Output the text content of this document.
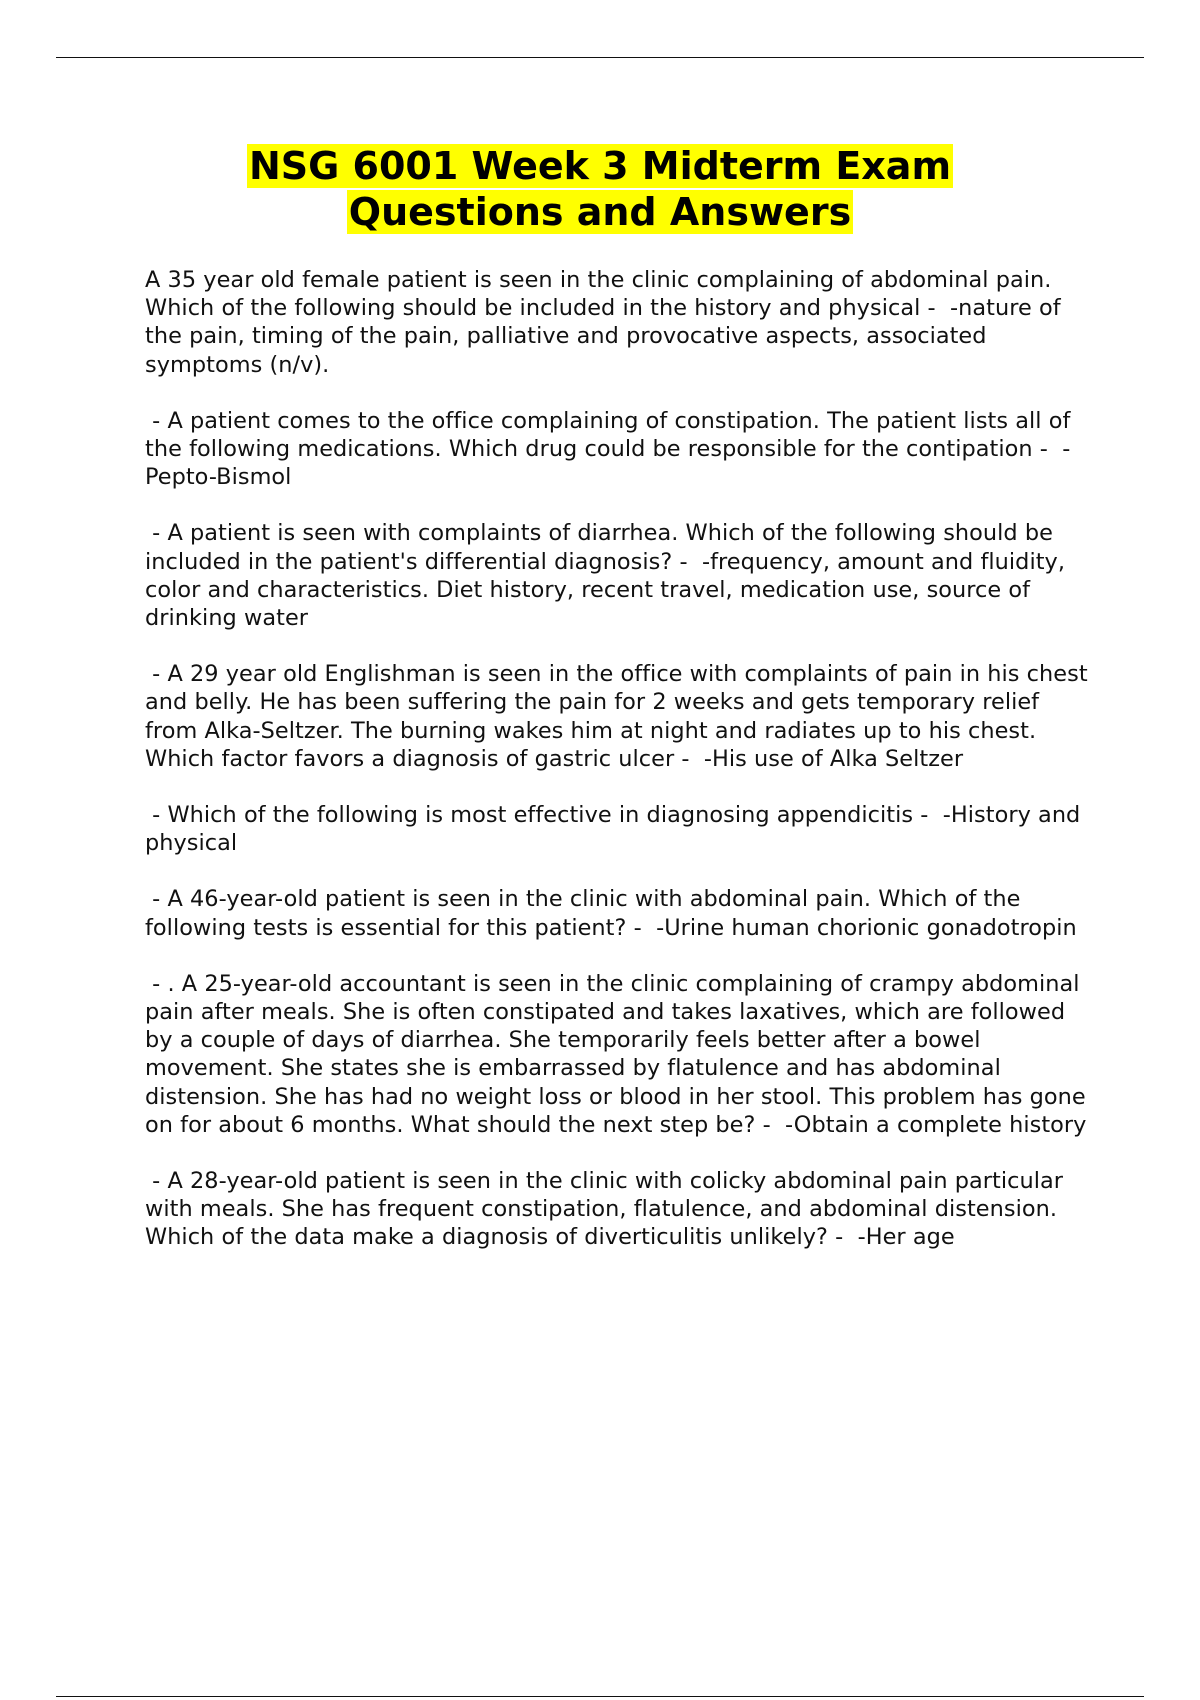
NSG 6001 Week 3 Midterm Exam
Questions and Answers

A 35 year old female patient is seen in the clinic complaining of abdominal pain. Which of the following should be included in the history and physical -  -nature of the pain, timing of the pain, palliative and provocative aspects, associated symptoms (n/v).

- A patient comes to the office complaining of constipation. The patient lists all of the following medications. Which drug could be responsible for the contipation -  -Pepto-Bismol

- A patient is seen with complaints of diarrhea. Which of the following should be included in the patient's differential diagnosis? -  -frequency, amount and fluidity, color and characteristics. Diet history, recent travel, medication use, source of drinking water

- A 29 year old Englishman is seen in the office with complaints of pain in his chest and belly. He has been suffering the pain for 2 weeks and gets temporary relief from Alka-Seltzer. The burning wakes him at night and radiates up to his chest. Which factor favors a diagnosis of gastric ulcer -  -His use of Alka Seltzer

- Which of the following is most effective in diagnosing appendicitis -  -History and physical

- A 46-year-old patient is seen in the clinic with abdominal pain. Which of the following tests is essential for this patient? -  -Urine human chorionic gonadotropin

- . A 25-year-old accountant is seen in the clinic complaining of crampy abdominal pain after meals. She is often constipated and takes laxatives, which are followed by a couple of days of diarrhea. She temporarily feels better after a bowel movement. She states she is embarrassed by flatulence and has abdominal distension. She has had no weight loss or blood in her stool. This problem has gone on for about 6 months. What should the next step be? -  -Obtain a complete history

- A 28-year-old patient is seen in the clinic with colicky abdominal pain particular with meals. She has frequent constipation, flatulence, and abdominal distension. Which of the data make a diagnosis of diverticulitis unlikely? -  -Her age
